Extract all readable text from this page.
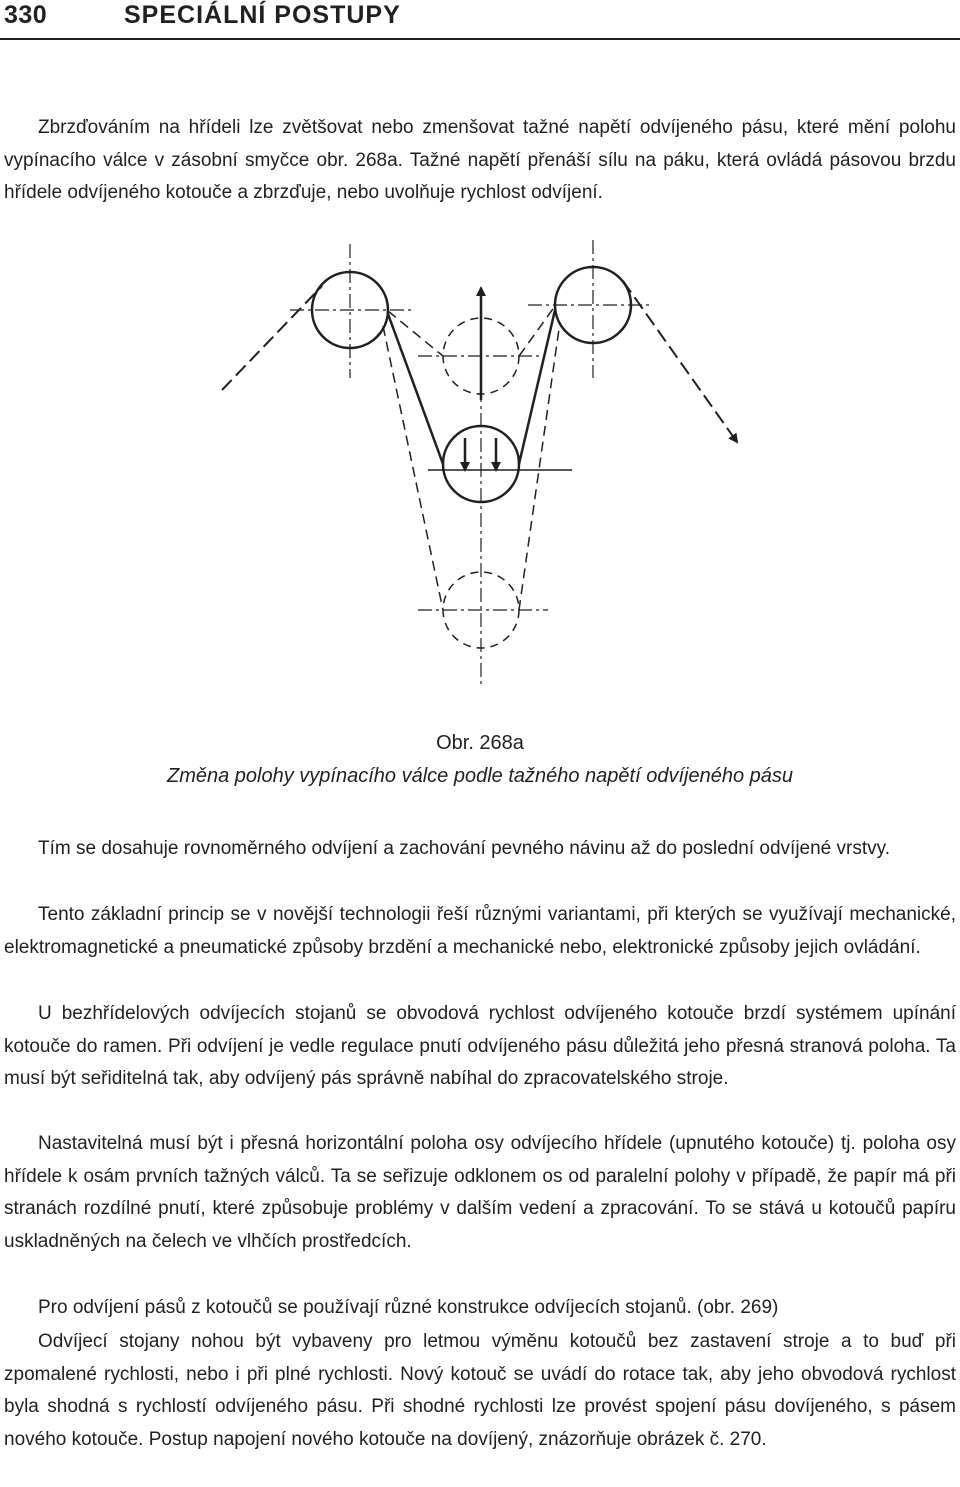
330	SPECIÁLNÍ POSTUPY

Zbrzďováním na hřídeli lze zvětšovat nebo zmenšovat tažné napětí odvíjeného pásu, které mění polohu vypínacího válce v zásobní smyčce obr. 268a. Tažné napětí přenáší sílu na páku, která ovládá pásovou brzdu hřídele odvíjeného kotouče a zbrzďuje, nebo uvolňuje rychlost odvíjení.

Obr. 268a
Změna polohy vypínacího válce podle tažného napětí odvíjeného pásu

Tím se dosahuje rovnoměrného odvíjení a zachování pevného návinu až do poslední odvíjené vrstvy.

Tento základní princip se v novější technologii řeší různými variantami, při kterých se využívají mechanické, elektromagnetické a pneumatické způsoby brzdění a mechanické nebo, elektronické způsoby jejich ovládání.

U bezhřídelových odvíjecích stojanů se obvodová rychlost odvíjeného kotouče brzdí systémem upínání kotouče do ramen. Při odvíjení je vedle regulace pnutí odvíjeného pásu důležitá jeho přesná stranová poloha. Ta musí být seřiditelná tak, aby odvíjený pás správně nabíhal do zpracovatelského stroje.

Nastavitelná musí být i přesná horizontální poloha osy odvíjecího hřídele (upnutého kotouče) tj. poloha osy hřídele k osám prvních tažných válců. Ta se seřizuje odklonem os od paralelní polohy v případě, že papír má při stranách rozdílné pnutí, které způsobuje problémy v dalším vedení a zpracování. To se stává u kotoučů papíru uskladněných na čelech ve vlhčích prostředcích.

Pro odvíjení pásů z kotoučů se používají různé konstrukce odvíjecích stojanů. (obr. 269)

Odvíjecí stojany nohou být vybaveny pro letmou výměnu kotoučů bez zastavení stroje a to buď při zpomalené rychlosti, nebo i při plné rychlosti. Nový kotouč se uvádí do rotace tak, aby jeho obvodová rychlost byla shodná s rychlostí odvíjeného pásu. Při shodné rychlosti lze provést spojení pásu dovíjeného, s pásem nového kotouče. Postup napojení nového kotouče na dovíjený, znázorňuje obrázek č. 270.
